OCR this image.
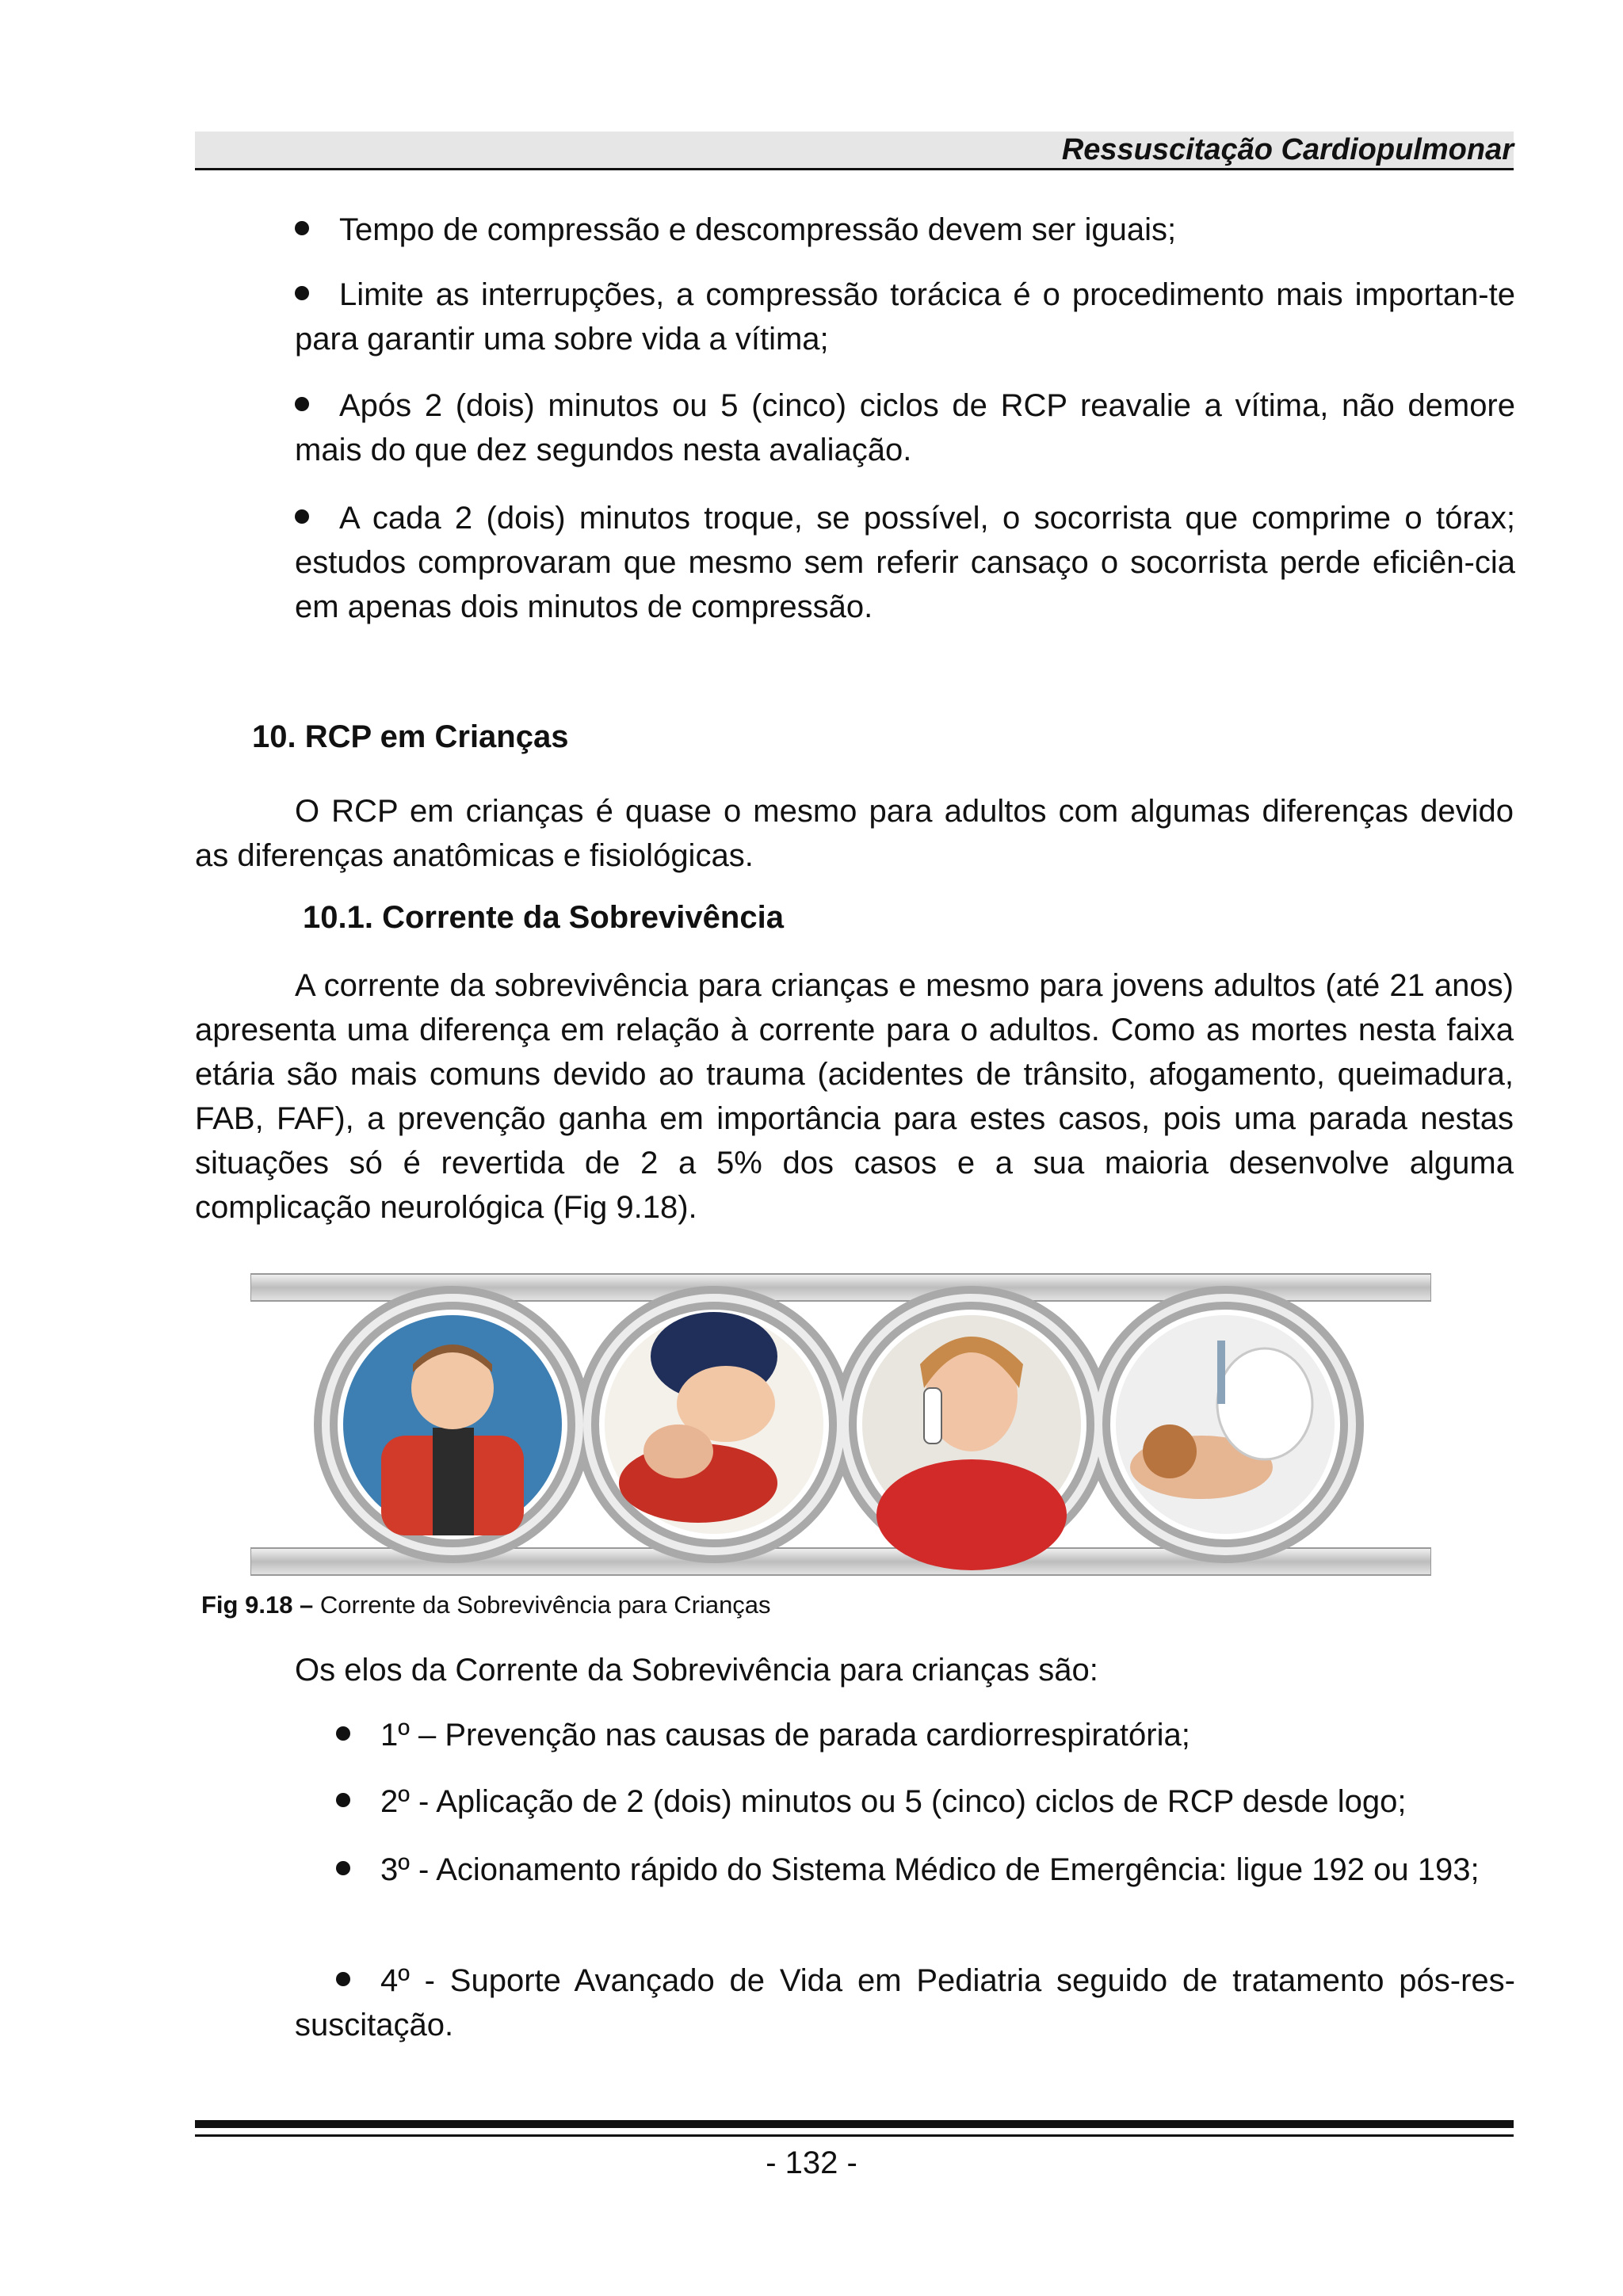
Ressuscitação Cardiopulmonar
Tempo de compressão e descompressão devem ser iguais;
Limite as interrupções, a compressão torácica é o procedimento mais importan-te para garantir uma sobre vida a vítima;
Após 2 (dois) minutos ou 5 (cinco) ciclos de RCP reavalie a vítima, não demore mais do que dez segundos nesta avaliação.
A cada 2 (dois) minutos troque, se possível, o socorrista que comprime o tórax; estudos comprovaram que mesmo sem referir cansaço o socorrista perde eficiên-cia em apenas dois minutos de compressão.
10. RCP em Crianças
O RCP em crianças é quase o mesmo para adultos com algumas diferenças devido as diferenças anatômicas e fisiológicas.
10.1. Corrente da Sobrevivência
A corrente da sobrevivência para crianças e mesmo para jovens adultos (até 21 anos) apresenta uma diferença em relação à corrente para o adultos. Como as mortes nesta faixa etária são mais comuns devido ao trauma (acidentes de trânsito, afogamento, queimadura, FAB, FAF), a prevenção ganha em importância para estes casos, pois uma parada nestas situações só é revertida de 2 a 5% dos casos e a sua maioria desenvolve alguma complicação neurológica (Fig 9.18).
Fig 9.18 – Corrente da Sobrevivência para Crianças
Os elos da Corrente da Sobrevivência para crianças são:
1º – Prevenção nas causas de parada cardiorrespiratória;
2º - Aplicação de 2 (dois) minutos ou 5 (cinco) ciclos de RCP desde logo;
3º - Acionamento rápido do Sistema Médico de Emergência: ligue 192 ou 193;
4º - Suporte Avançado de Vida em Pediatria seguido de tratamento pós-res-suscitação.
- 132 -
